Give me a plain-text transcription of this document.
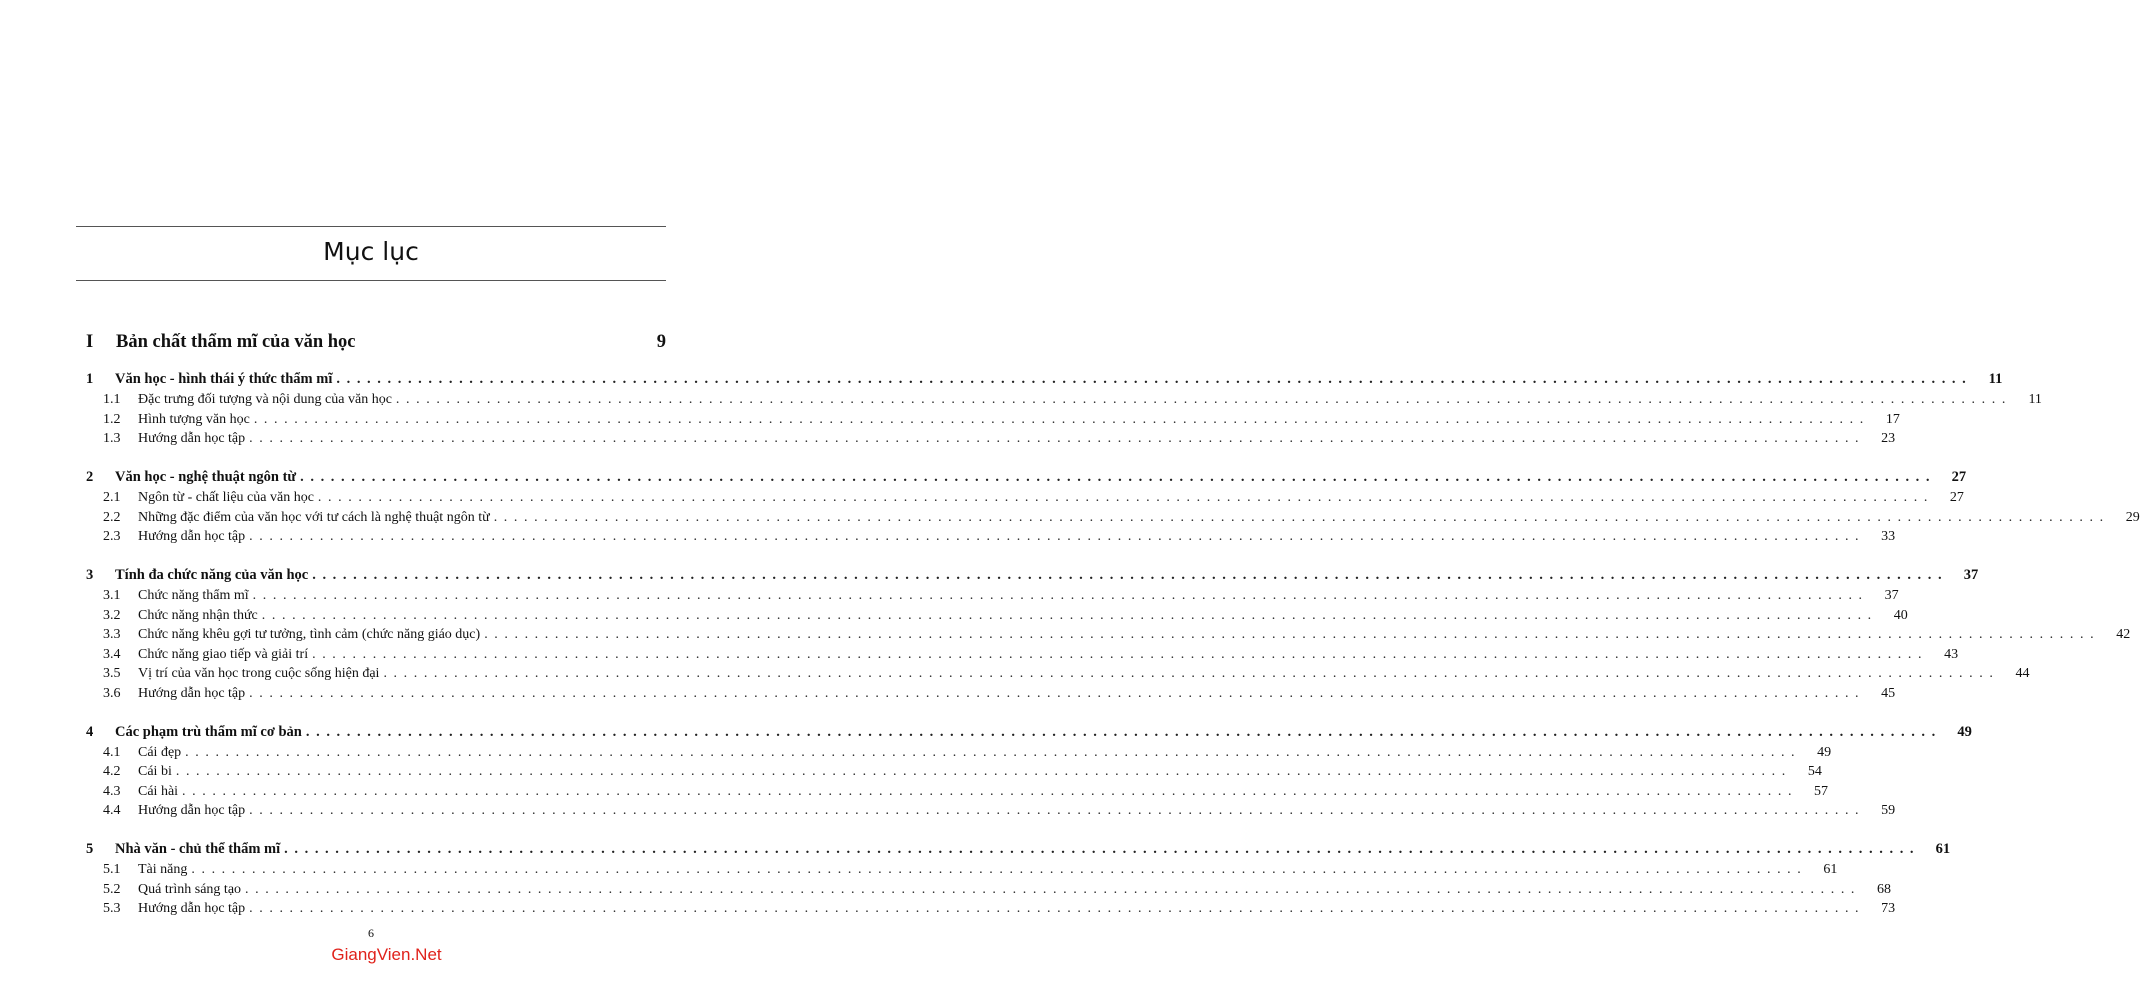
Mục lục
I Bản chất thẩm mĩ của văn học	9
1 Văn học - hình thái ý thức thẩm mĩ ................................................................................................................................................................	11
1.1 Đặc trưng đối tượng và nội dung của văn học ................................................................................................................................................................	11
1.2 Hình tượng văn học ................................................................................................................................................................	17
1.3 Hướng dẫn học tập ................................................................................................................................................................	23
2 Văn học - nghệ thuật ngôn từ ................................................................................................................................................................	27
2.1 Ngôn từ - chất liệu của văn học ................................................................................................................................................................	27
2.2 Những đặc điểm của văn học với tư cách là nghệ thuật ngôn từ ................................................................................................................................................................	29
2.3 Hướng dẫn học tập ................................................................................................................................................................	33
3 Tính đa chức năng của văn học ................................................................................................................................................................	37
3.1 Chức năng thẩm mĩ ................................................................................................................................................................	37
3.2 Chức năng nhận thức ................................................................................................................................................................	40
3.3 Chức năng khêu gợi tư tưởng, tình cảm (chức năng giáo dục) ................................................................................................................................................................	42
3.4 Chức năng giao tiếp và giải trí ................................................................................................................................................................	43
3.5 Vị trí của văn học trong cuộc sống hiện đại ................................................................................................................................................................	44
3.6 Hướng dẫn học tập ................................................................................................................................................................	45
4 Các phạm trù thẩm mĩ cơ bản ................................................................................................................................................................	49
4.1 Cái đẹp ................................................................................................................................................................	49
4.2 Cái bi ................................................................................................................................................................	54
4.3 Cái hài ................................................................................................................................................................	57
4.4 Hướng dẫn học tập ................................................................................................................................................................	59
5 Nhà văn - chủ thể thẩm mĩ ................................................................................................................................................................	61
5.1 Tài năng ................................................................................................................................................................	61
5.2 Quá trình sáng tạo ................................................................................................................................................................	68
5.3 Hướng dẫn học tập ................................................................................................................................................................	73
6
GiangVien.Net
